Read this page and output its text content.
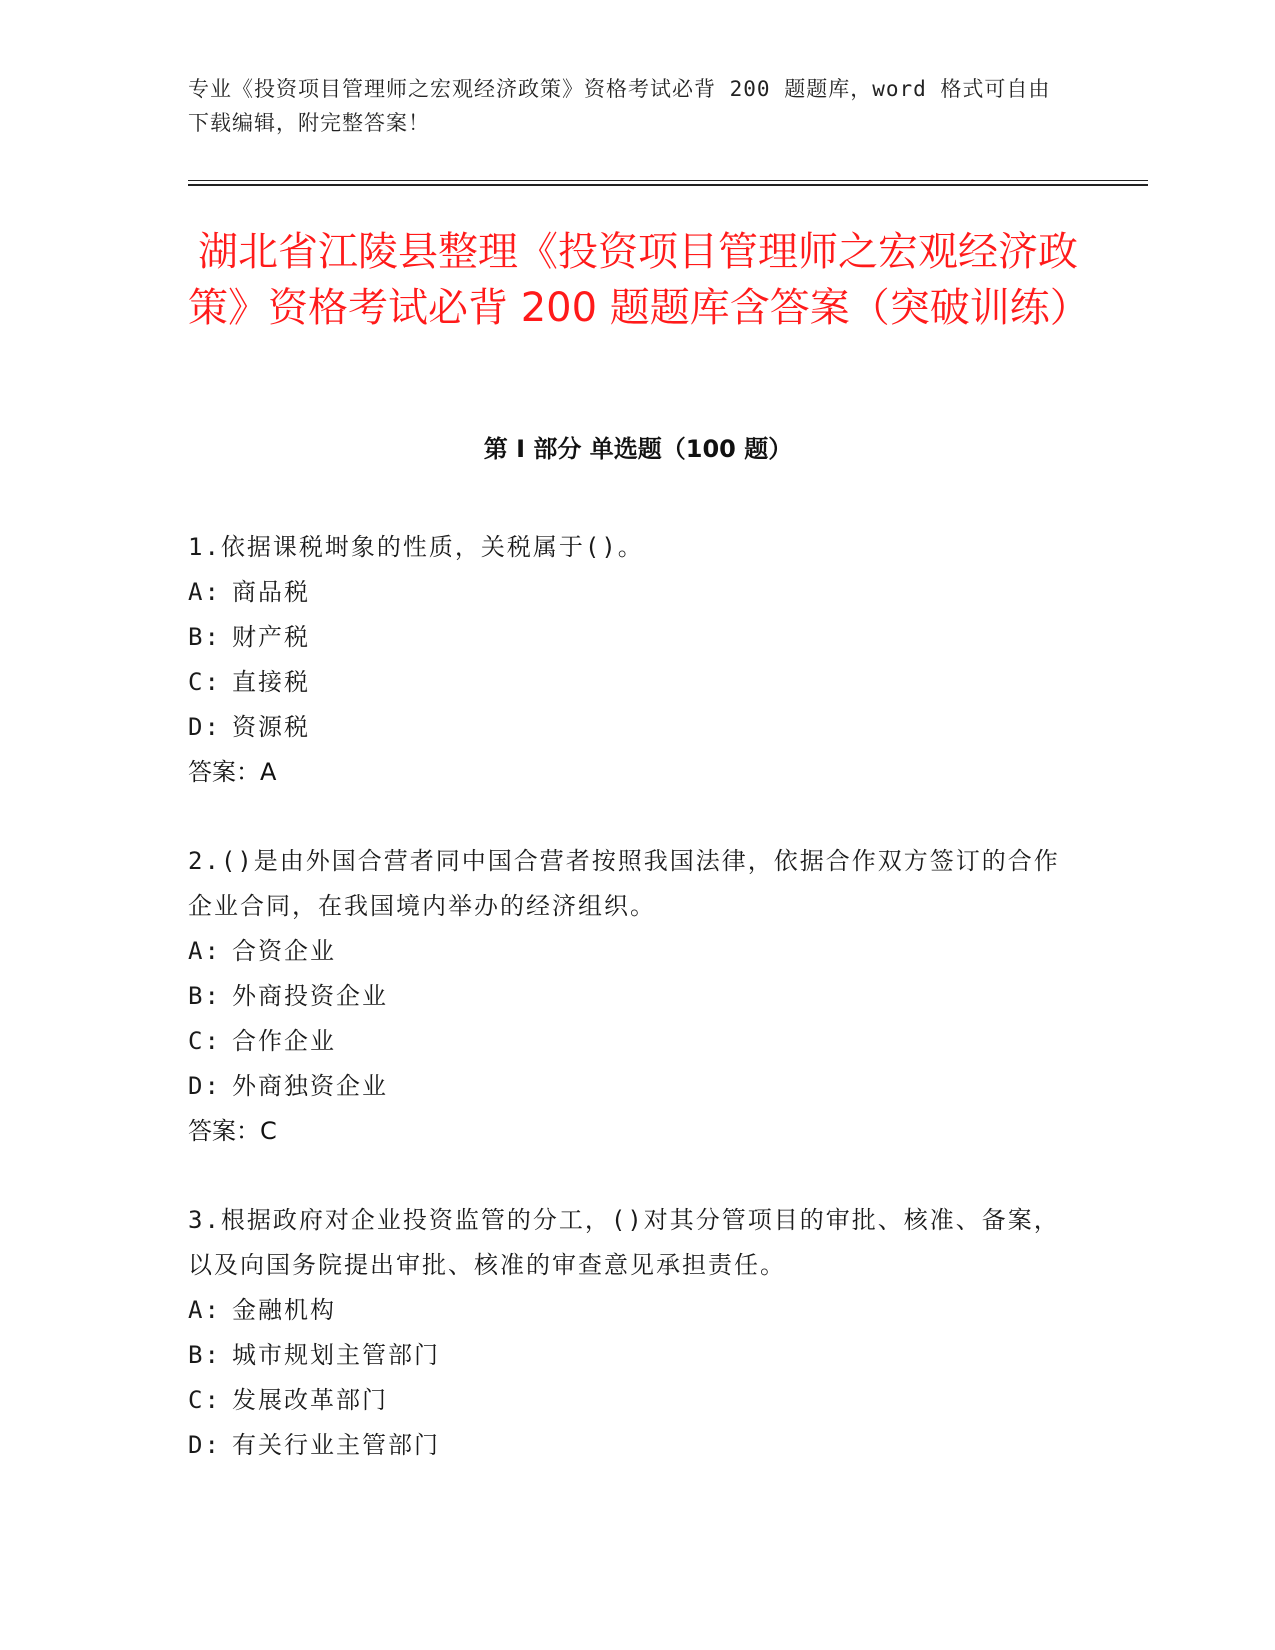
专业《投资项目管理师之宏观经济政策》资格考试必背 200 题题库，word 格式可自由下载编辑，附完整答案！
湖北省江陵县整理《投资项目管理师之宏观经济政策》资格考试必背 200 题题库含答案（突破训练）
第 I 部分 单选题（100 题）
1.依据课税埘象的性质，关税属于()。
A: 商品税
B: 财产税
C: 直接税
D: 资源税
答案：A
2.()是由外国合营者同中国合营者按照我国法律，依据合作双方签订的合作企业合同，在我国境内举办的经济组织。
A: 合资企业
B: 外商投资企业
C: 合作企业
D: 外商独资企业
答案：C
3.根据政府对企业投资监管的分工，()对其分管项目的审批、核准、备案，以及向国务院提出审批、核准的审查意见承担责任。
A: 金融机构
B: 城市规划主管部门
C: 发展改革部门
D: 有关行业主管部门
